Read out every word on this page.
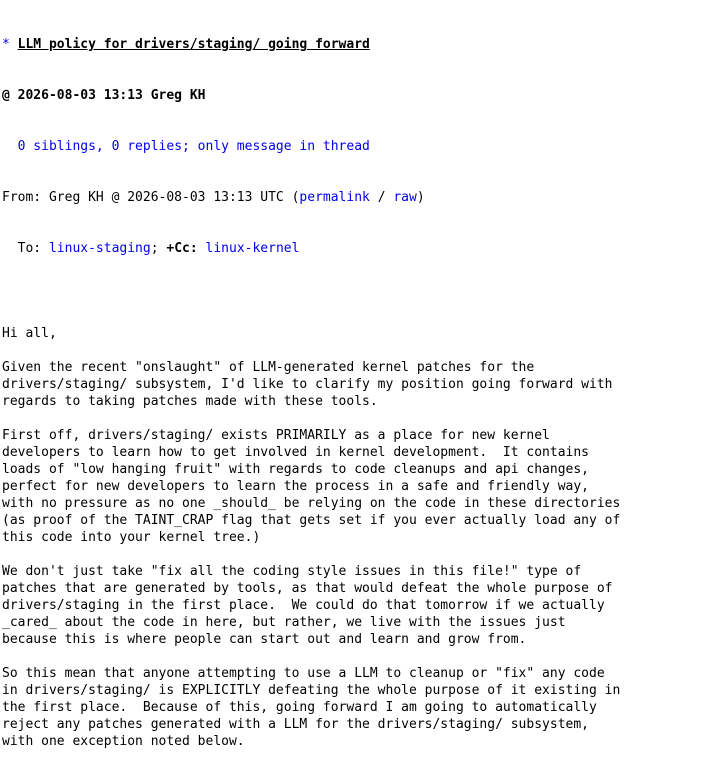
* LLM policy for drivers/staging/ going forward

@ 2026-08-03 13:13 Greg KH

0 siblings, 0 replies; only message in thread

From: Greg KH @ 2026-08-03 13:13 UTC (permalink / raw)

To: linux-staging; +Cc: linux-kernel

Hi all,
Given the recent "onslaught" of LLM-generated kernel patches for the
drivers/staging/ subsystem, I'd like to clarify my position going forward with
regards to taking patches made with these tools.
First off, drivers/staging/ exists PRIMARILY as a place for new kernel
developers to learn how to get involved in kernel development.  It contains
loads of "low hanging fruit" with regards to code cleanups and api changes,
perfect for new developers to learn the process in a safe and friendly way,
with no pressure as no one _should_ be relying on the code in these directories
(as proof of the TAINT_CRAP flag that gets set if you ever actually load any of
this code into your kernel tree.)
We don't just take "fix all the coding style issues in this file!" type of
patches that are generated by tools, as that would defeat the whole purpose of
drivers/staging in the first place.  We could do that tomorrow if we actually
_cared_ about the code in here, but rather, we live with the issues just
because this is where people can start out and learn and grow from.
So this mean that anyone attempting to use a LLM to cleanup or "fix" any code
in drivers/staging/ is EXPLICITLY defeating the whole purpose of it existing in
the first place.  Because of this, going forward I am going to automatically
reject any patches generated with a LLM for the drivers/staging/ subsystem,
with one exception noted below.
